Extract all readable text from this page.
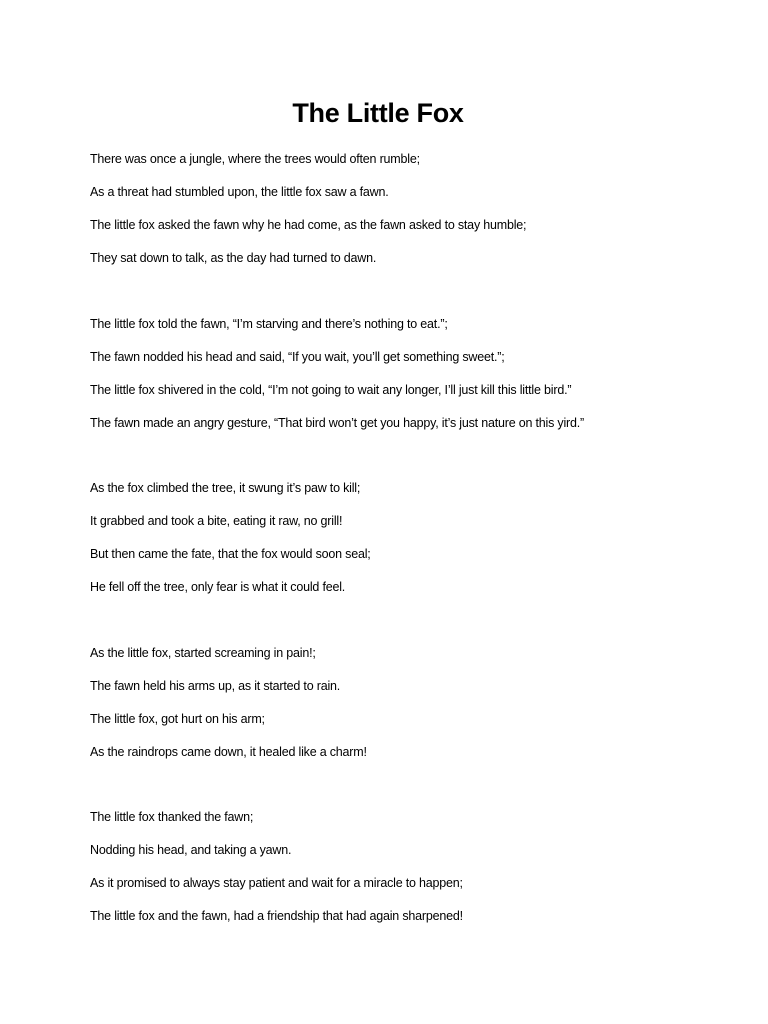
The Little Fox

There was once a jungle, where the trees would often rumble;

As a threat had stumbled upon, the little fox saw a fawn.

The little fox asked the fawn why he had come, as the fawn asked to stay humble;

They sat down to talk, as the day had turned to dawn.

The little fox told the fawn, “I’m starving and there’s nothing to eat.”;

The fawn nodded his head and said, “If you wait, you’ll get something sweet.”;

The little fox shivered in the cold, “I’m not going to wait any longer, I’ll just kill this little bird.”

The fawn made an angry gesture, “That bird won’t get you happy, it’s just nature on this yird.”

As the fox climbed the tree, it swung it’s paw to kill;

It grabbed and took a bite, eating it raw, no grill!

But then came the fate, that the fox would soon seal;

He fell off the tree, only fear is what it could feel.

As the little fox, started screaming in pain!;

The fawn held his arms up, as it started to rain.

The little fox, got hurt on his arm;

As the raindrops came down, it healed like a charm!

The little fox thanked the fawn;

Nodding his head, and taking a yawn.

As it promised to always stay patient and wait for a miracle to happen;

The little fox and the fawn, had a friendship that had again sharpened!
